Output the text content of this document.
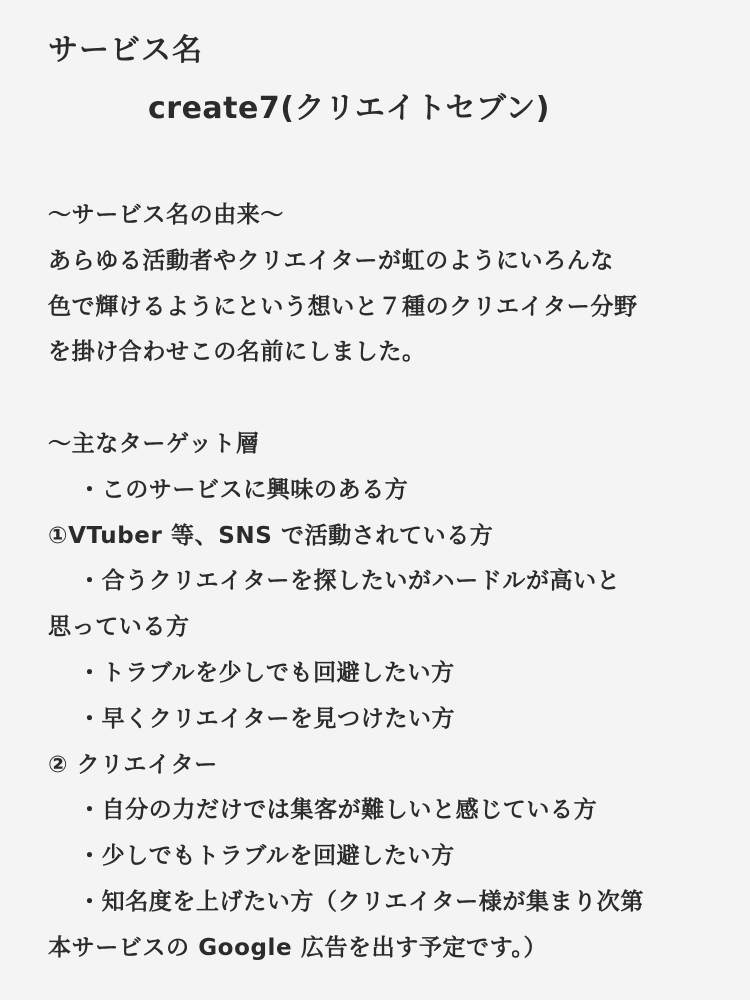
サービス名
create7(クリエイトセブン)
〜サービス名の由来〜
あらゆる活動者やクリエイターが虹のようにいろんな
色で輝けるようにという想いと７種のクリエイター分野
を掛け合わせこの名前にしました。
〜主なターゲット層
・このサービスに興味のある方
①VTuber 等、SNS で活動されている方
・合うクリエイターを探したいがハードルが高いと
思っている方
・トラブルを少しでも回避したい方
・早くクリエイターを見つけたい方
② クリエイター
・自分の力だけでは集客が難しいと感じている方
・少しでもトラブルを回避したい方
・知名度を上げたい方（クリエイター様が集まり次第
本サービスの Google 広告を出す予定です。）
